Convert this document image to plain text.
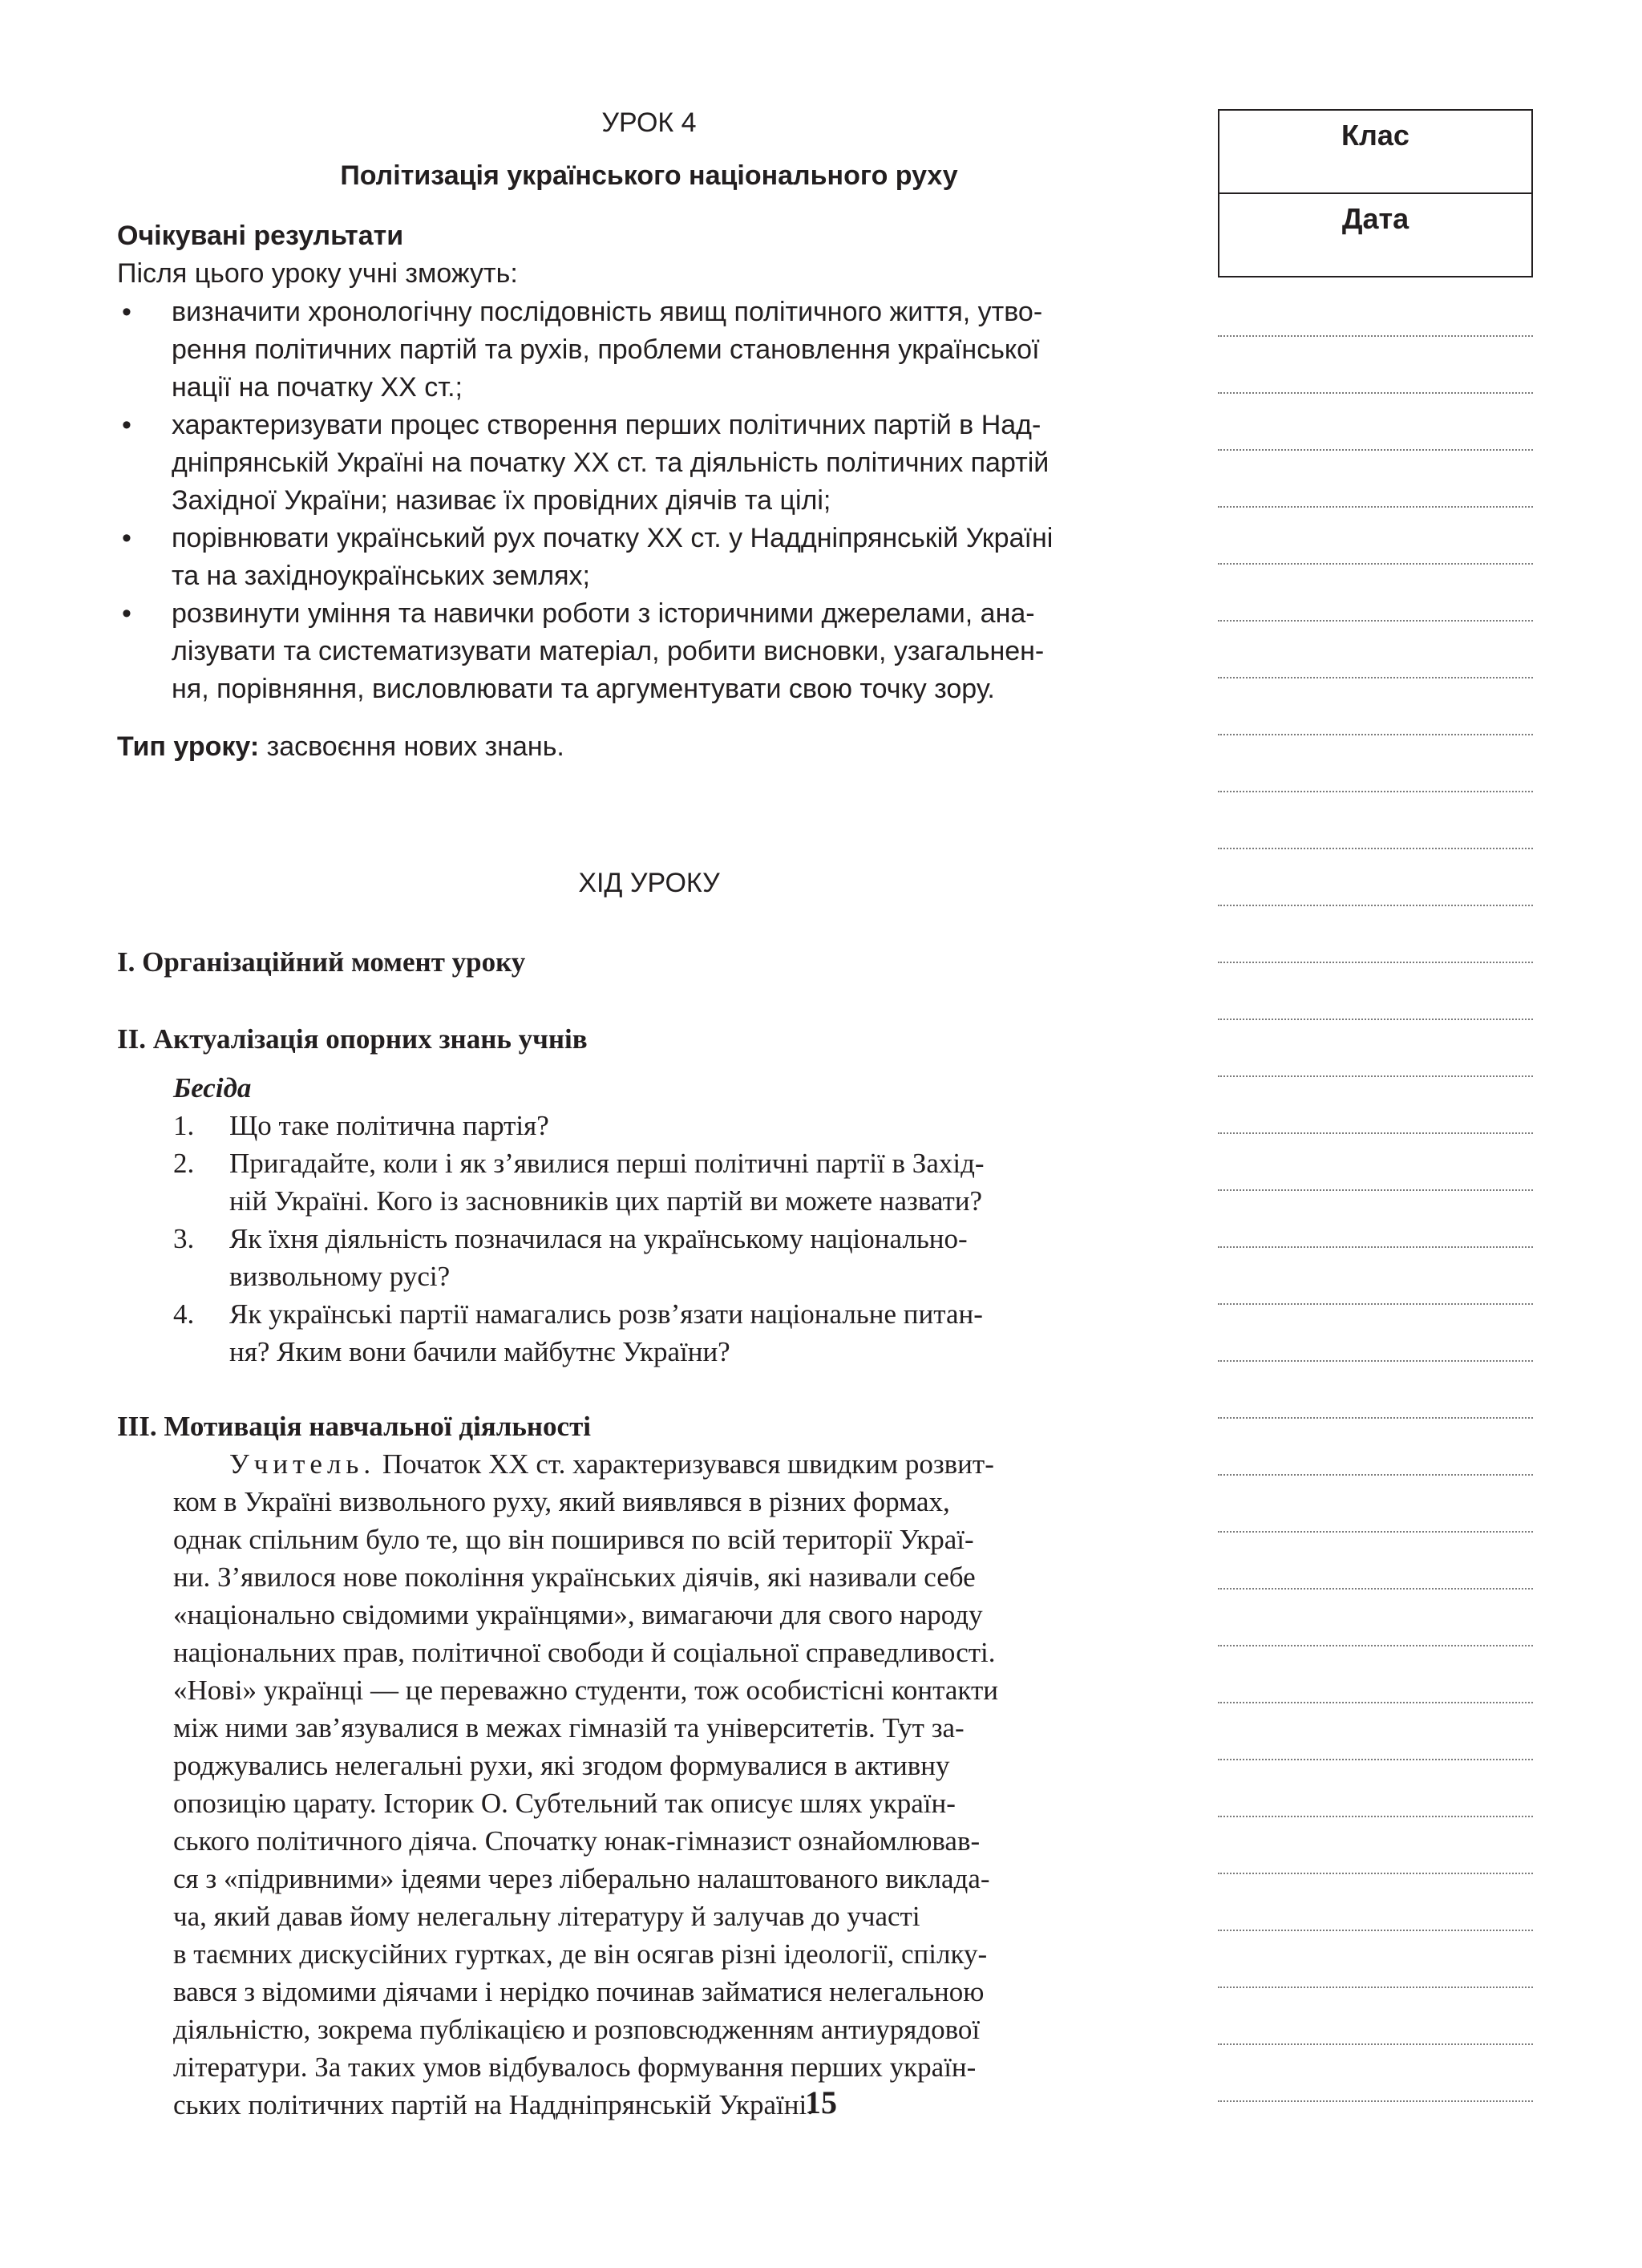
УРОК 4
Політизація українського національного руху
Очікувані результати
Після цього уроку учні зможуть:
• визначити хронологічну послідовність явищ політичного життя, утво-
рення політичних партій та рухів, проблеми становлення української
нації на початку ХХ ст.;
• характеризувати процес створення перших політичних партій в Над-
дніпрянській Україні на початку ХХ ст. та діяльність політичних партій
Західної України; називає їх провідних діячів та цілі;
• порівнювати український рух початку ХХ ст. у Наддніпрянській Україні
та на західноукраїнських землях;
• розвинути уміння та навички роботи з історичними джерелами, ана-
лізувати та систематизувати матеріал, робити висновки, узагальнен-
ня, порівняння, висловлювати та аргументувати свою точку зору.
Тип уроку: засвоєння нових знань.
ХІД УРОКУ
І. Організаційний момент уроку
ІІ. Актуалізація опорних знань учнів
Бесіда
1. Що таке політична партія?
2. Пригадайте, коли і як з’явилися перші політичні партії в Захід-
ній Україні. Кого із засновників цих партій ви можете назвати?
3. Як їхня діяльність позначилася на українському національно-
визвольному русі?
4. Як українські партії намагались розв’язати національне питан-
ня? Яким вони бачили майбутнє України?
ІІІ. Мотивація навчальної діяльності
Учитель. Початок ХХ ст. характеризувався швидким розвит-
ком в Україні визвольного руху, який виявлявся в різних формах,
однак спільним було те, що він поширився по всій території Украї-
ни. З’явилося нове покоління українських діячів, які називали себе
«національно свідомими українцями», вимагаючи для свого народу
національних прав, політичної свободи й соціальної справедливості.
«Нові» українці — це переважно студенти, тож особистісні контакти
між ними зав’язувалися в межах гімназій та університетів. Тут за-
роджувались нелегальні рухи, які згодом формувалися в активну
опозицію царату. Історик О. Субтельний так описує шлях україн-
ського політичного діяча. Спочатку юнак-гімназист ознайомлював-
ся з «підривними» ідеями через ліберально налаштованого виклада-
ча, який давав йому нелегальну літературу й залучав до участі
в таємних дискусійних гуртках, де він осягав різні ідеології, спілку-
вався з відомими діячами і нерідко починав займатися нелегальною
діяльністю, зокрема публікацією и розповсюдженням антиурядової
літератури. За таких умов відбувалось формування перших україн-
ських політичних партій на Наддніпрянській Україні.
Клас
Дата
15
